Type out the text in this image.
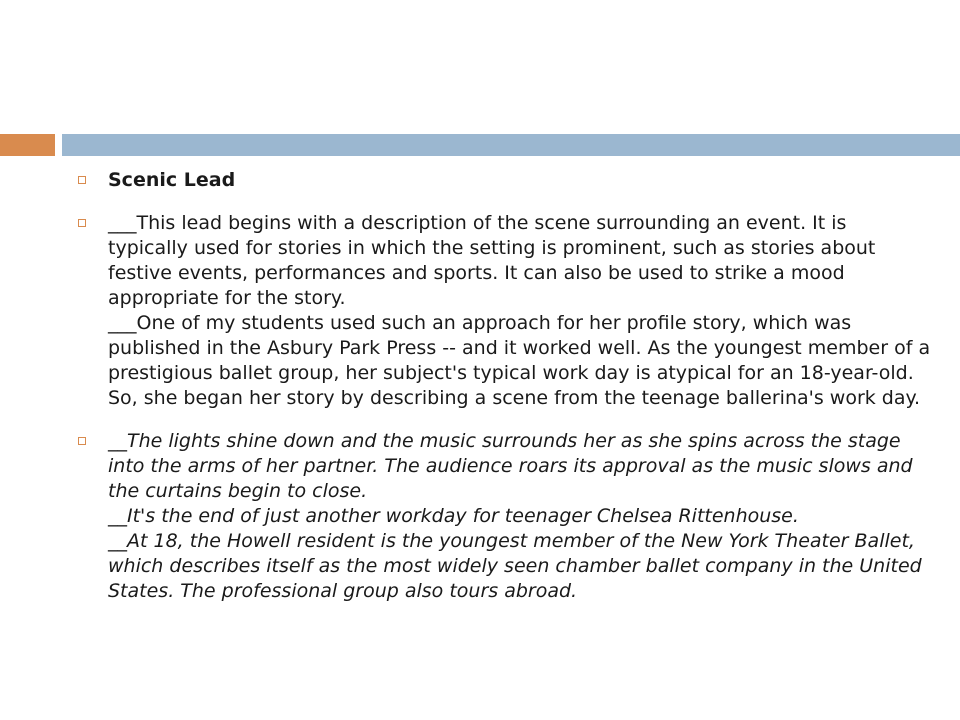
Scenic Lead
___This lead begins with a description of the scene surrounding an event. It is typically used for stories in which the setting is prominent, such as stories about festive events, performances and sports. It can also be used to strike a mood appropriate for the story.
___One of my students used such an approach for her profile story, which was published in the Asbury Park Press -- and it worked well. As the youngest member of a prestigious ballet group, her subject's typical work day is atypical for an 18-year-old. So, she began her story by describing a scene from the teenage ballerina's work day.
__The lights shine down and the music surrounds her as she spins across the stage into the arms of her partner. The audience roars its approval as the music slows and the curtains begin to close.
__It's the end of just another workday for teenager Chelsea Rittenhouse.
__At 18, the Howell resident is the youngest member of the New York Theater Ballet, which describes itself as the most widely seen chamber ballet company in the United States. The professional group also tours abroad.
